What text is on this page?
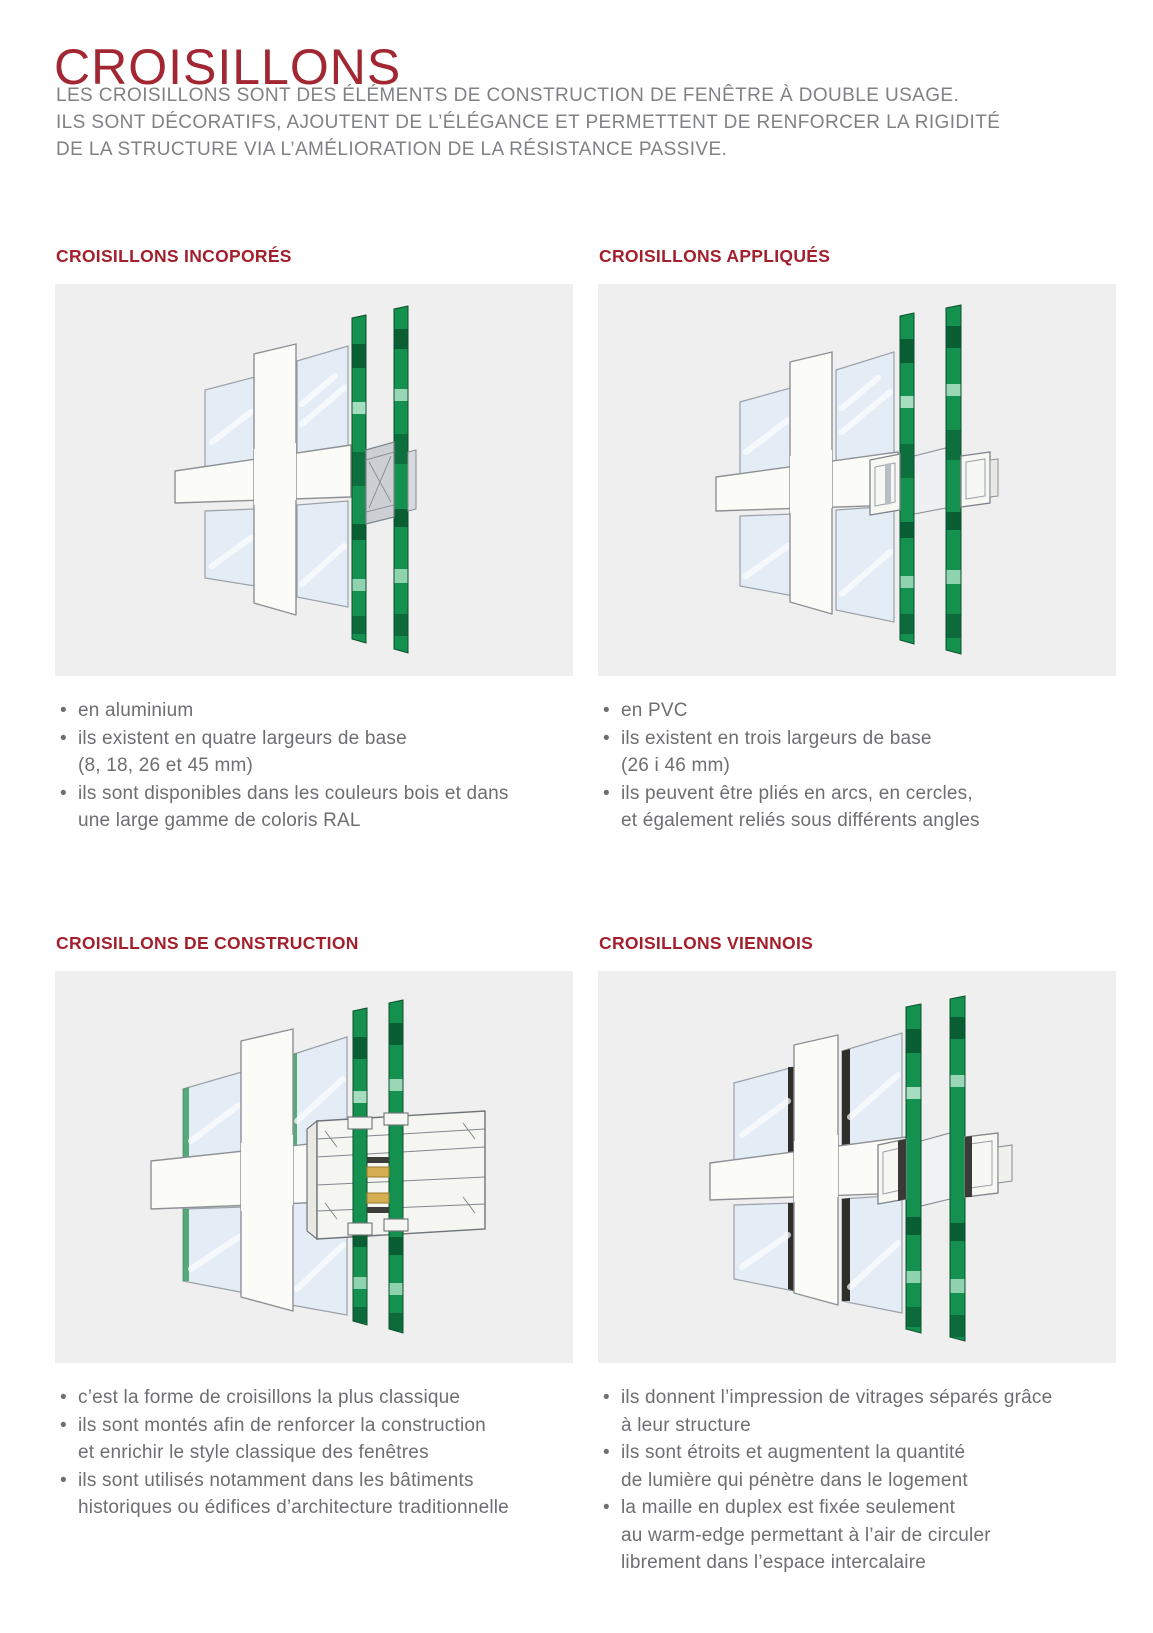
CROISILLONS
LES CROISILLONS SONT DES ÉLÉMENTS DE CONSTRUCTION DE FENÊTRE À DOUBLE USAGE.
ILS SONT DÉCORATIFS, AJOUTENT DE L’ÉLÉGANCE ET PERMETTENT DE RENFORCER LA RIGIDITÉ
DE LA STRUCTURE VIA L’AMÉLIORATION DE LA RÉSISTANCE PASSIVE.
CROISILLONS INCOPORÉS
• en aluminium
• ils existent en quatre largeurs de base
(8, 18, 26 et 45 mm)
• ils sont disponibles dans les couleurs bois et dans
une large gamme de coloris RAL
CROISILLONS APPLIQUÉS
• en PVC
• ils existent en trois largeurs de base
(26 i 46 mm)
• ils peuvent être pliés en arcs, en cercles,
et également reliés sous différents angles
CROISILLONS DE CONSTRUCTION
• c’est la forme de croisillons la plus classique
• ils sont montés afin de renforcer la construction
et enrichir le style classique des fenêtres
• ils sont utilisés notamment dans les bâtiments
historiques ou édifices d’architecture traditionnelle
CROISILLONS VIENNOIS
• ils donnent l’impression de vitrages séparés grâce
à leur structure
• ils sont étroits et augmentent la quantité
de lumière qui pénètre dans le logement
• la maille en duplex est fixée seulement
au warm-edge permettant à l’air de circuler
librement dans l’espace intercalaire
